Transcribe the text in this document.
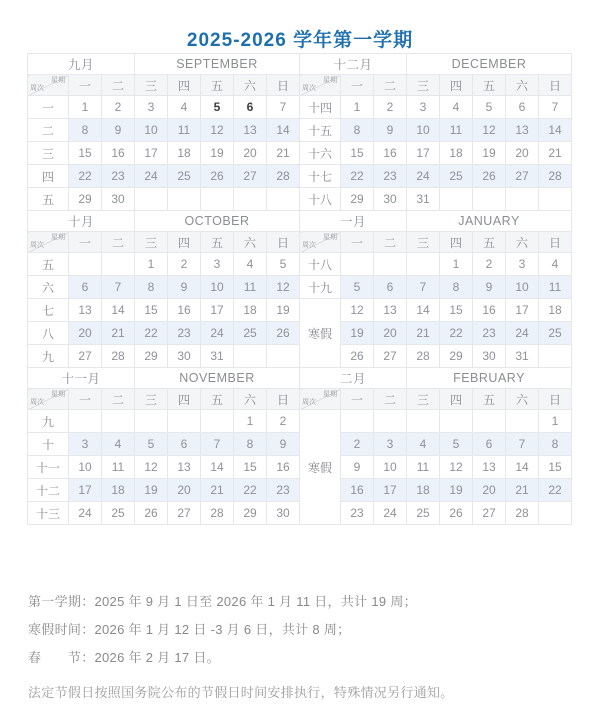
2025-2026 学年第一学期
九月			SEPTEMBER				

星期
周次	一	二	三	四	五	六	日
一	1	2	3	4	5	6	7
二	8	9	10	11	12	13	14
三	15	16	17	18	19	20	21
四	22	23	24	25	26	27	28
五	29	30					
十月			OCTOBER				

星期
周次	一	二	三	四	五	六	日
五			1	2	3	4	5
六	6	7	8	9	10	11	12
七	13	14	15	16	17	18	19
八	20	21	22	23	24	25	26
九	27	28	29	30	31		
十一月			NOVEMBER				

星期
周次	一	二	三	四	五	六	日
九						1	2
十	3	4	5	6	7	8	9
十一	10	11	12	13	14	15	16
十二	17	18	19	20	21	22	23
十三	24	25	26	27	28	29	30
十二月			DECEMBER				

星期
周次	一	二	三	四	五	六	日
十四	1	2	3	4	5	6	7
十五	8	9	10	11	12	13	14
十六	15	16	17	18	19	20	21
十七	22	23	24	25	26	27	28
十八	29	30	31				
一月			JANUARY				

星期
周次	一	二	三	四	五	六	日
十八				1	2	3	4
十九	5	6	7	8	9	10	11
寒假	12	13	14	15	16	17	18
	19	20	21	22	23	24	25
	26	27	28	29	30	31	
二月			FEBRUARY				

星期
周次	一	二	三	四	五	六	日
寒假							1
	2	3	4	5	6	7	8
	9	10	11	12	13	14	15
	16	17	18	19	20	21	22
	23	24	25	26	27	28	
第一学期：2025 年 9 月 1 日至 2026 年 1 月 11 日，共计 19 周；
寒假时间：2026 年 1 月 12 日 -3 月 6 日，共计 8 周；
春　　节：2026 年 2 月 17 日。
法定节假日按照国务院公布的节假日时间安排执行，特殊情况另行通知。
